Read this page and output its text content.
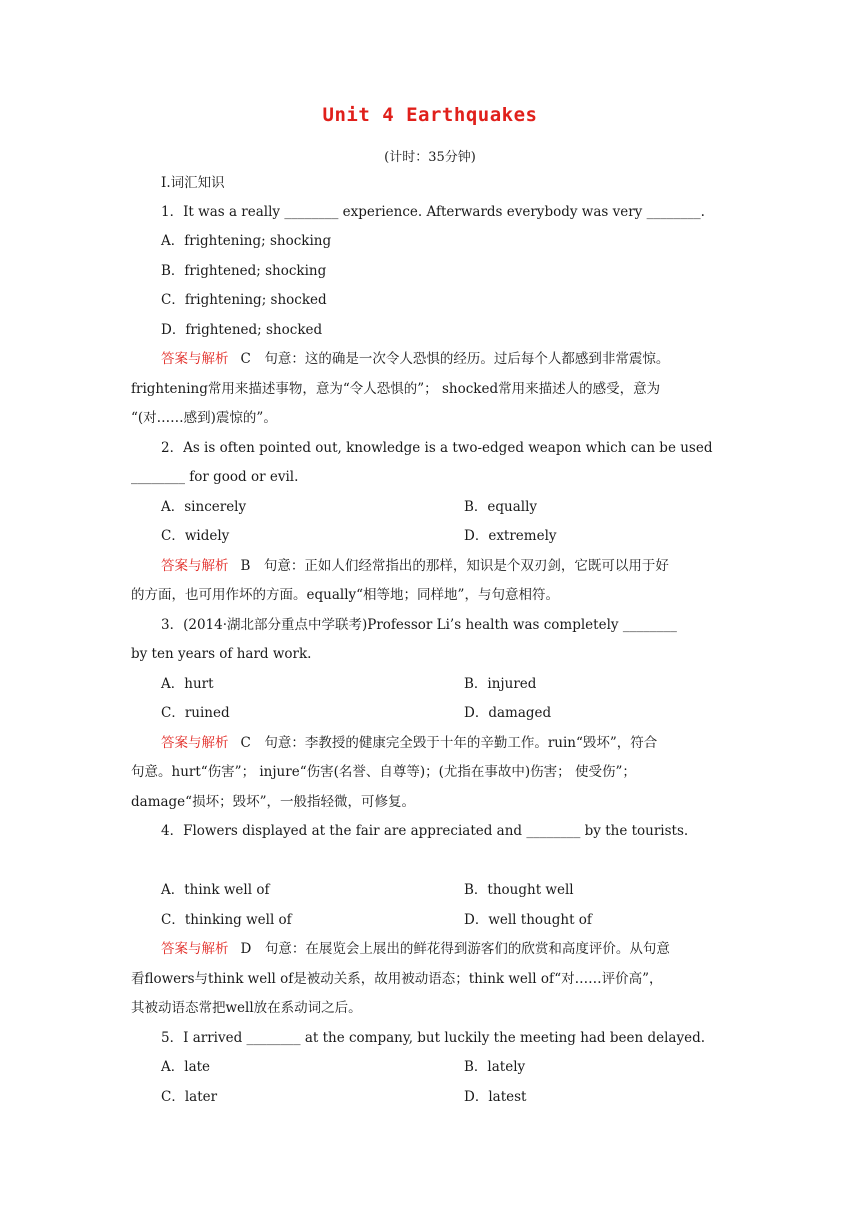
Unit 4 Earthquakes
(计时：35分钟)
Ⅰ.词汇知识
1．It was a really ________ experience. Afterwards everybody was very ________.
A．frightening; shocking
B．frightened; shocking
C．frightening; shocked
D．frightened; shocked
答案与解析 C　句意：这的确是一次令人恐惧的经历。过后每个人都感到非常震惊。
frightening常用来描述事物，意为“令人恐惧的”； shocked常用来描述人的感受，意为
“(对……感到)震惊的”。
2．As is often pointed out, knowledge is a two-edged weapon which can be used
________ for good or evil.
A．sincerely	B．equally
C．widely	D．extremely
答案与解析 B　句意：正如人们经常指出的那样，知识是个双刃剑，它既可以用于好
的方面，也可用作坏的方面。equally“相等地；同样地”，与句意相符。
3．(2014·湖北部分重点中学联考)Professor Li’s health was completely ________
by ten years of hard work.
A．hurt	B．injured
C．ruined	D．damaged
答案与解析 C　句意：李教授的健康完全毁于十年的辛勤工作。ruin“毁坏”，符合
句意。hurt“伤害”； injure“伤害(名誉、自尊等)；(尤指在事故中)伤害； 使受伤”；
damage“损坏；毁坏”，一般指轻微，可修复。
4．Flowers displayed at the fair are appreciated and ________ by the tourists.
A．think well of	B．thought well
C．thinking well of	D．well thought of
答案与解析 D　句意：在展览会上展出的鲜花得到游客们的欣赏和高度评价。从句意
看flowers与think well of是被动关系，故用被动语态；think well of“对……评价高”，
其被动语态常把well放在系动词之后。
5．I arrived ________ at the company, but luckily the meeting had been delayed.
A．late	B．lately
C．later	D．latest
